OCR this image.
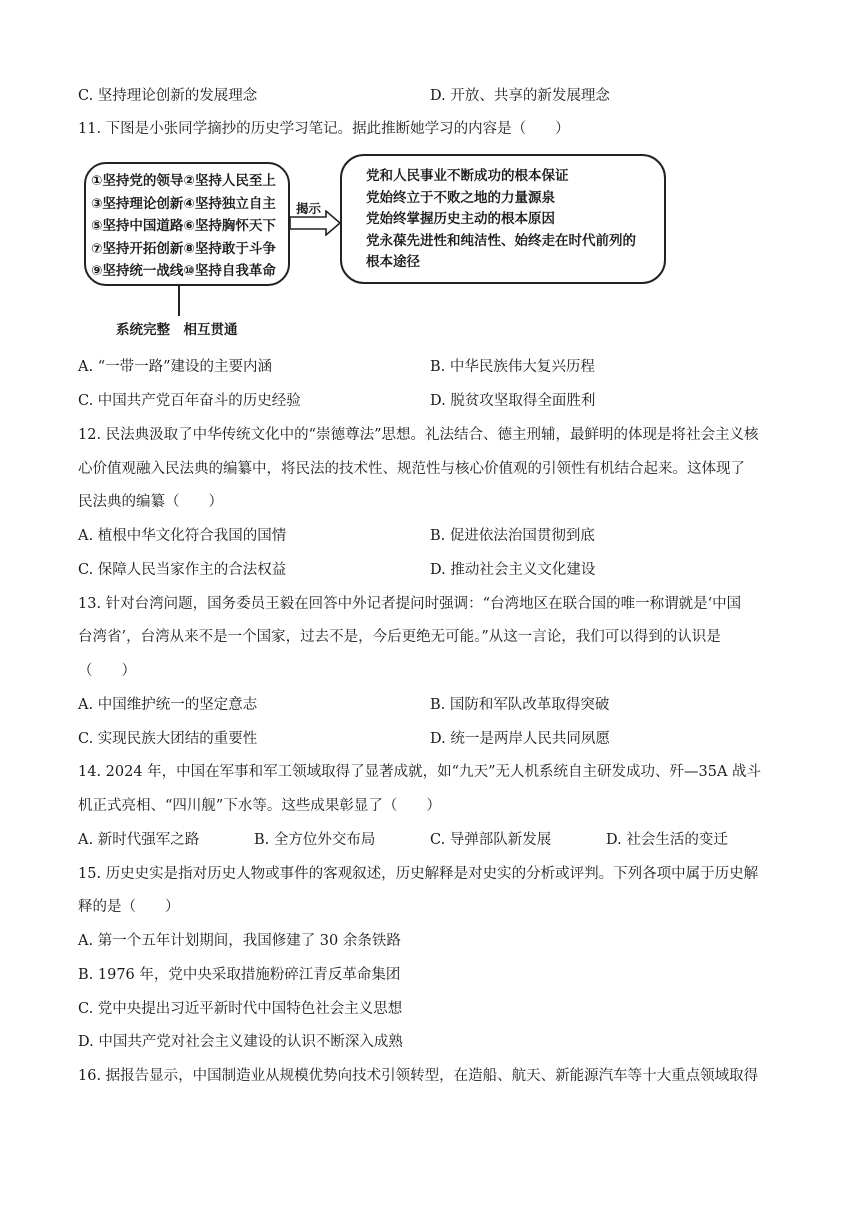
C. 坚持理论创新的发展理念	D. 开放、共享的新发展理念
11. 下图是小张同学摘抄的历史学习笔记。据此推断她学习的内容是（　　）
①坚持党的领导②坚持人民至上
③坚持理论创新④坚持独立自主
⑤坚持中国道路⑥坚持胸怀天下
⑦坚持开拓创新⑧坚持敢于斗争
⑨坚持统一战线⑩坚持自我革命
揭示
党和人民事业不断成功的根本保证
党始终立于不败之地的力量源泉
党始终掌握历史主动的根本原因
党永葆先进性和纯洁性、始终走在时代前列的
根本途径
系统完整　相互贯通
A. “一带一路”建设的主要内涵	B. 中华民族伟大复兴历程
C. 中国共产党百年奋斗的历史经验	D. 脱贫攻坚取得全面胜利
12. 民法典汲取了中华传统文化中的“崇德尊法”思想。礼法结合、德主刑辅，最鲜明的体现是将社会主义核
心价值观融入民法典的编纂中，将民法的技术性、规范性与核心价值观的引领性有机结合起来。这体现了
民法典的编纂（　　）
A. 植根中华文化符合我国的国情	B. 促进依法治国贯彻到底
C. 保障人民当家作主的合法权益	D. 推动社会主义文化建设
13. 针对台湾问题，国务委员王毅在回答中外记者提问时强调：“台湾地区在联合国的唯一称谓就是‘中国
台湾省’，台湾从来不是一个国家，过去不是，今后更绝无可能。”从这一言论，我们可以得到的认识是
（　　）
A. 中国维护统一的坚定意志	B. 国防和军队改革取得突破
C. 实现民族大团结的重要性	D. 统一是两岸人民共同夙愿
14. 2024 年，中国在军事和军工领域取得了显著成就，如“九天”无人机系统自主研发成功、歼—35A 战斗
机正式亮相、“四川舰”下水等。这些成果彰显了（　　）
A. 新时代强军之路	B. 全方位外交布局	C. 导弹部队新发展	D. 社会生活的变迁
15. 历史史实是指对历史人物或事件的客观叙述，历史解释是对史实的分析或评判。下列各项中属于历史解
释的是（　　）
A. 第一个五年计划期间，我国修建了 30 余条铁路
B. 1976 年，党中央采取措施粉碎江青反革命集团
C. 党中央提出习近平新时代中国特色社会主义思想
D. 中国共产党对社会主义建设的认识不断深入成熟
16. 据报告显示，中国制造业从规模优势向技术引领转型，在造船、航天、新能源汽车等十大重点领域取得
